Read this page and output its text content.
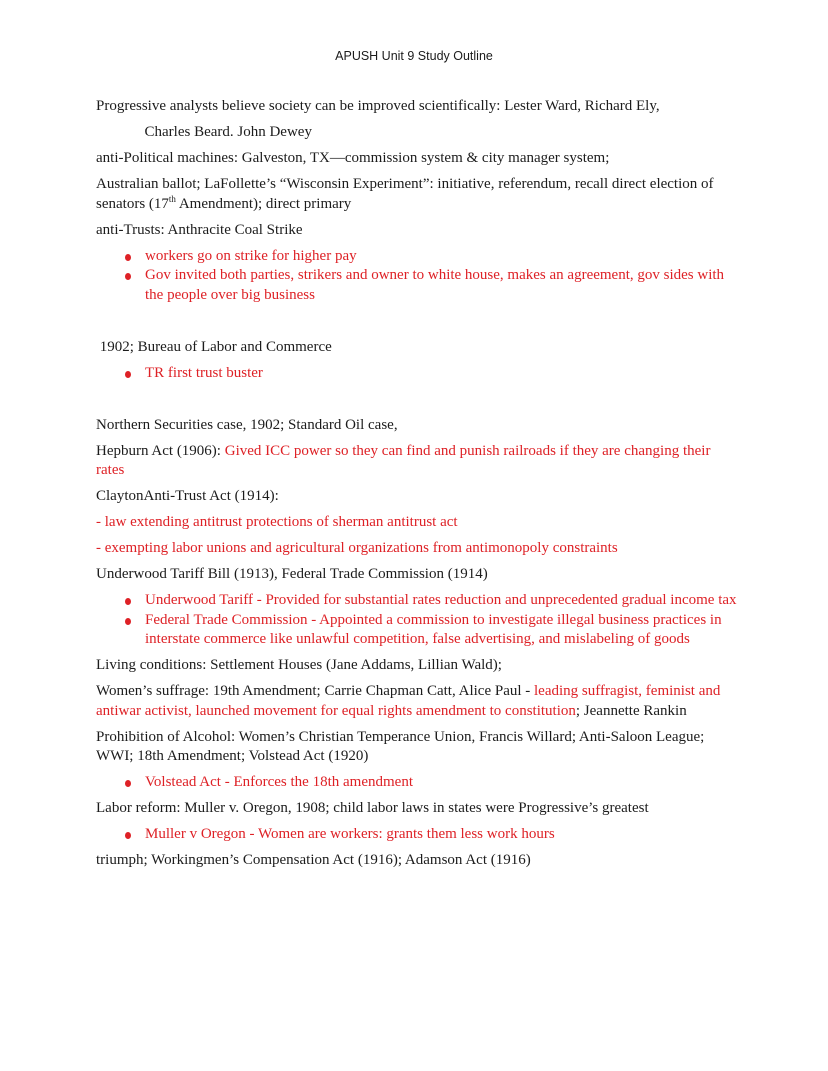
APUSH Unit 9 Study Outline

Progressive analysts believe society can be improved scientifically: Lester Ward, Richard Ely,

Charles Beard. John Dewey

anti-Political machines: Galveston, TX—commission system & city manager system;

Australian ballot; LaFollette’s “Wisconsin Experiment”: initiative, referendum, recall direct election of senators (17th Amendment); direct primary

anti-Trusts: Anthracite Coal Strike

workers go on strike for higher pay
Gov invited both parties, strikers and owner to white house, makes an agreement, gov sides with the people over big business

1902; Bureau of Labor and Commerce

TR first trust buster

Northern Securities case, 1902; Standard Oil case,

Hepburn Act (1906): Gived ICC power so they can find and punish railroads if they are changing their rates

ClaytonAnti-Trust Act (1914):

- law extending antitrust protections of sherman antitrust act

- exempting labor unions and agricultural organizations from antimonopoly constraints

Underwood Tariff Bill (1913), Federal Trade Commission (1914)

Underwood Tariff - Provided for substantial rates reduction and unprecedented gradual income tax
Federal Trade Commission - Appointed a commission to investigate illegal business practices in interstate commerce like unlawful competition, false advertising, and mislabeling of goods

Living conditions: Settlement Houses (Jane Addams, Lillian Wald);

Women’s suffrage: 19th Amendment; Carrie Chapman Catt, Alice Paul - leading suffragist, feminist and antiwar activist, launched movement for equal rights amendment to constitution; Jeannette Rankin

Prohibition of Alcohol: Women’s Christian Temperance Union, Francis Willard; Anti-Saloon League; WWI; 18th Amendment; Volstead Act (1920)

Volstead Act - Enforces the 18th amendment

Labor reform: Muller v. Oregon, 1908; child labor laws in states were Progressive’s greatest

Muller v Oregon - Women are workers: grants them less work hours

triumph; Workingmen’s Compensation Act (1916); Adamson Act (1916)
